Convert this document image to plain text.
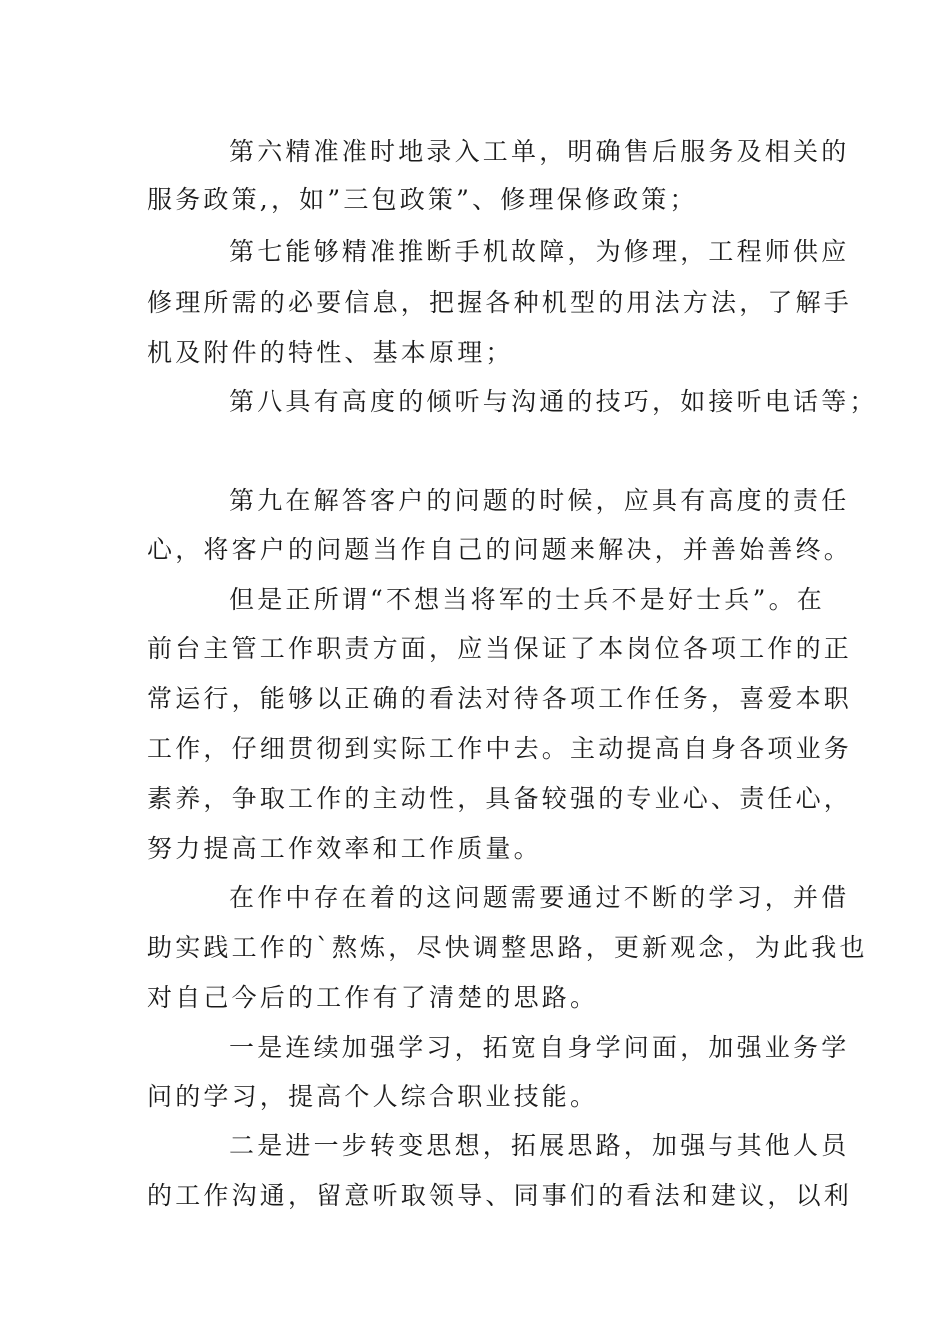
第六精准准时地录入工单，明确售后服务及相关的
服务政策,，如”三包政策”、修理保修政策；
第七能够精准推断手机故障，为修理，工程师供应
修理所需的必要信息，把握各种机型的用法方法，了解手
机及附件的特性、基本原理；
第八具有高度的倾听与沟通的技巧，如接听电话等；
第九在解答客户的问题的时候，应具有高度的责任
心，将客户的问题当作自己的问题来解决，并善始善终。
但是正所谓“不想当将军的士兵不是好士兵”。在
前台主管工作职责方面，应当保证了本岗位各项工作的正
常运行，能够以正确的看法对待各项工作任务，喜爱本职
工作，仔细贯彻到实际工作中去。主动提高自身各项业务
素养，争取工作的主动性，具备较强的专业心、责任心，
努力提高工作效率和工作质量。
在作中存在着的这问题需要通过不断的学习，并借
助实践工作的`熬炼，尽快调整思路，更新观念，为此我也
对自己今后的工作有了清楚的思路。
一是连续加强学习，拓宽自身学问面，加强业务学
问的学习，提高个人综合职业技能。
二是进一步转变思想，拓展思路，加强与其他人员
的工作沟通，留意听取领导、同事们的看法和建议，以利
